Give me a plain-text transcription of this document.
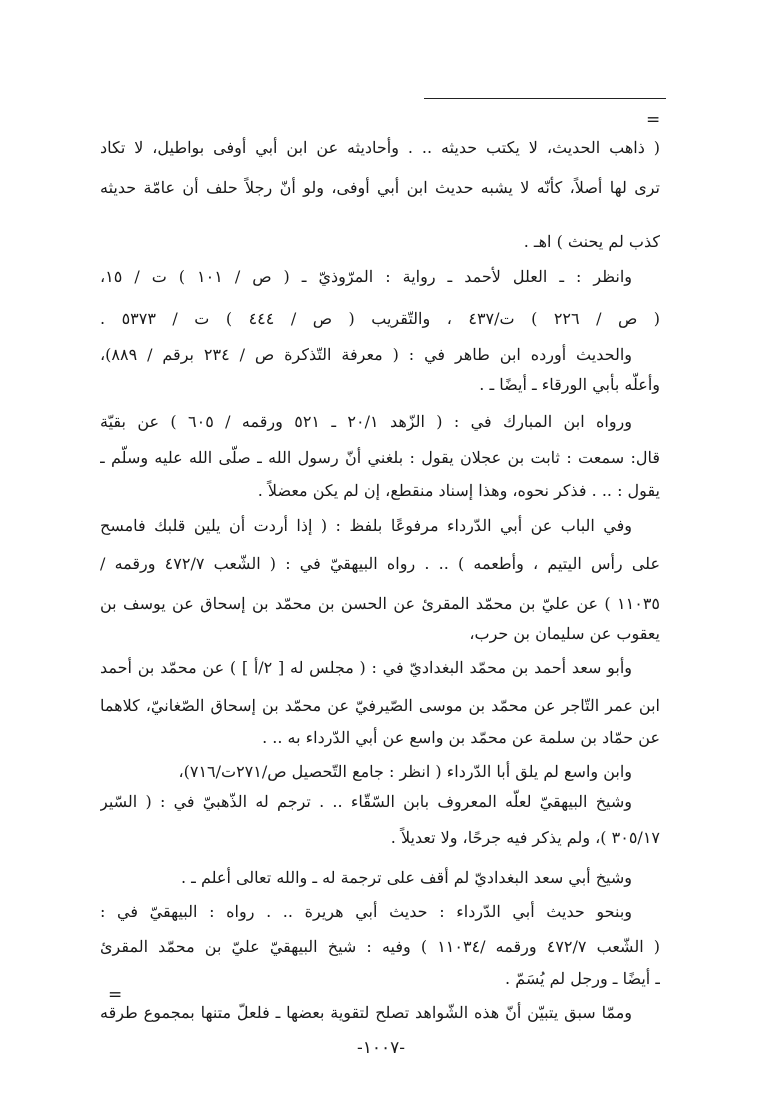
=
( ذاهب الحديث، لا يكتب حديثه .. . وأحاديثه عن ابن أبي أوفى بواطيل، لا تكاد
ترى لها أصلاً، كأنّه لا يشبه حديث ابن أبي أوفى، ولو أنّ رجلاً حلف أن عامّة حديثه
كذب لم يحنث ) اهـ .
وانظر : ـ العلل لأحمد ـ رواية : المرّوذيّ ـ ( ص / ١٠١ ) ت / ١٥،
( ص / ٢٢٦ ) ت/٤٣٧ ، والتّقريب ( ص / ٤٤٤ ) ت / ٥٣٧٣ .
والحديث أورده ابن طاهر في : ( معرفة التّذكرة ص / ٢٣٤ برقم / ٨٨٩)،
وأعلّه بأبي الورقاء ـ أيضًا ـ .
ورواه ابن المبارك في : ( الزّهد ٢٠/١ ـ ٥٢١ ورقمه / ٦٠٥ ) عن بقيّة
قال: سمعت : ثابت بن عجلان يقول : بلغني أنّ رسول الله ـ صلّى الله عليه وسلّم ـ
يقول : .. . فذكر نحوه، وهذا إسناد منقطع، إن لم يكن معضلاً .
وفي الباب عن أبي الدّرداء مرفوعًا بلفظ : ( إذا أردت أن يلين قلبك فامسح
على رأس اليتيم ، وأطعمه ) .. . رواه البيهقيّ في : ( الشّعب ٤٧٢/٧ ورقمه /
١١٠٣٥ ) عن عليّ بن محمّد المقرئ عن الحسن بن محمّد بن إسحاق عن يوسف بن
يعقوب عن سليمان بن حرب،
وأبو سعد أحمد بن محمّد البغداديّ في : ( مجلس له [ ٢/أ ] ) عن محمّد بن أحمد
ابن عمر التّاجر عن محمّد بن موسى الصّيرفيّ عن محمّد بن إسحاق الصّغانيّ، كلاهما
عن حمّاد بن سلمة عن محمّد بن واسع عن أبي الدّرداء به .. .
وابن واسع لم يلق أبا الدّرداء ( انظر : جامع التّحصيل ص/٢٧١ت/٧١٦)،
وشيخ البيهقيّ لعلّه المعروف بابن السّقّاء .. . ترجم له الذّهبيّ في : ( السّير
٣٠٥/١٧ )، ولم يذكر فيه جرحًا، ولا تعديلاً .
وشيخ أبي سعد البغداديّ لم أقف على ترجمة له ـ والله تعالى أعلم ـ .
وبنحو حديث أبي الدّرداء : حديث أبي هريرة .. . رواه : البيهقيّ في :
( الشّعب ٤٧٢/٧ ورقمه /١١٠٣٤ ) وفيه : شيخ البيهقيّ عليّ بن محمّد المقرئ
ـ أيضًا ـ ورجل لم يُسَمّ .
وممّا سبق يتبيّن أنّ هذه الشّواهد تصلح لتقوية بعضها ـ فلعلّ متنها بمجموع طرقه
=
-١٠٠٧-
